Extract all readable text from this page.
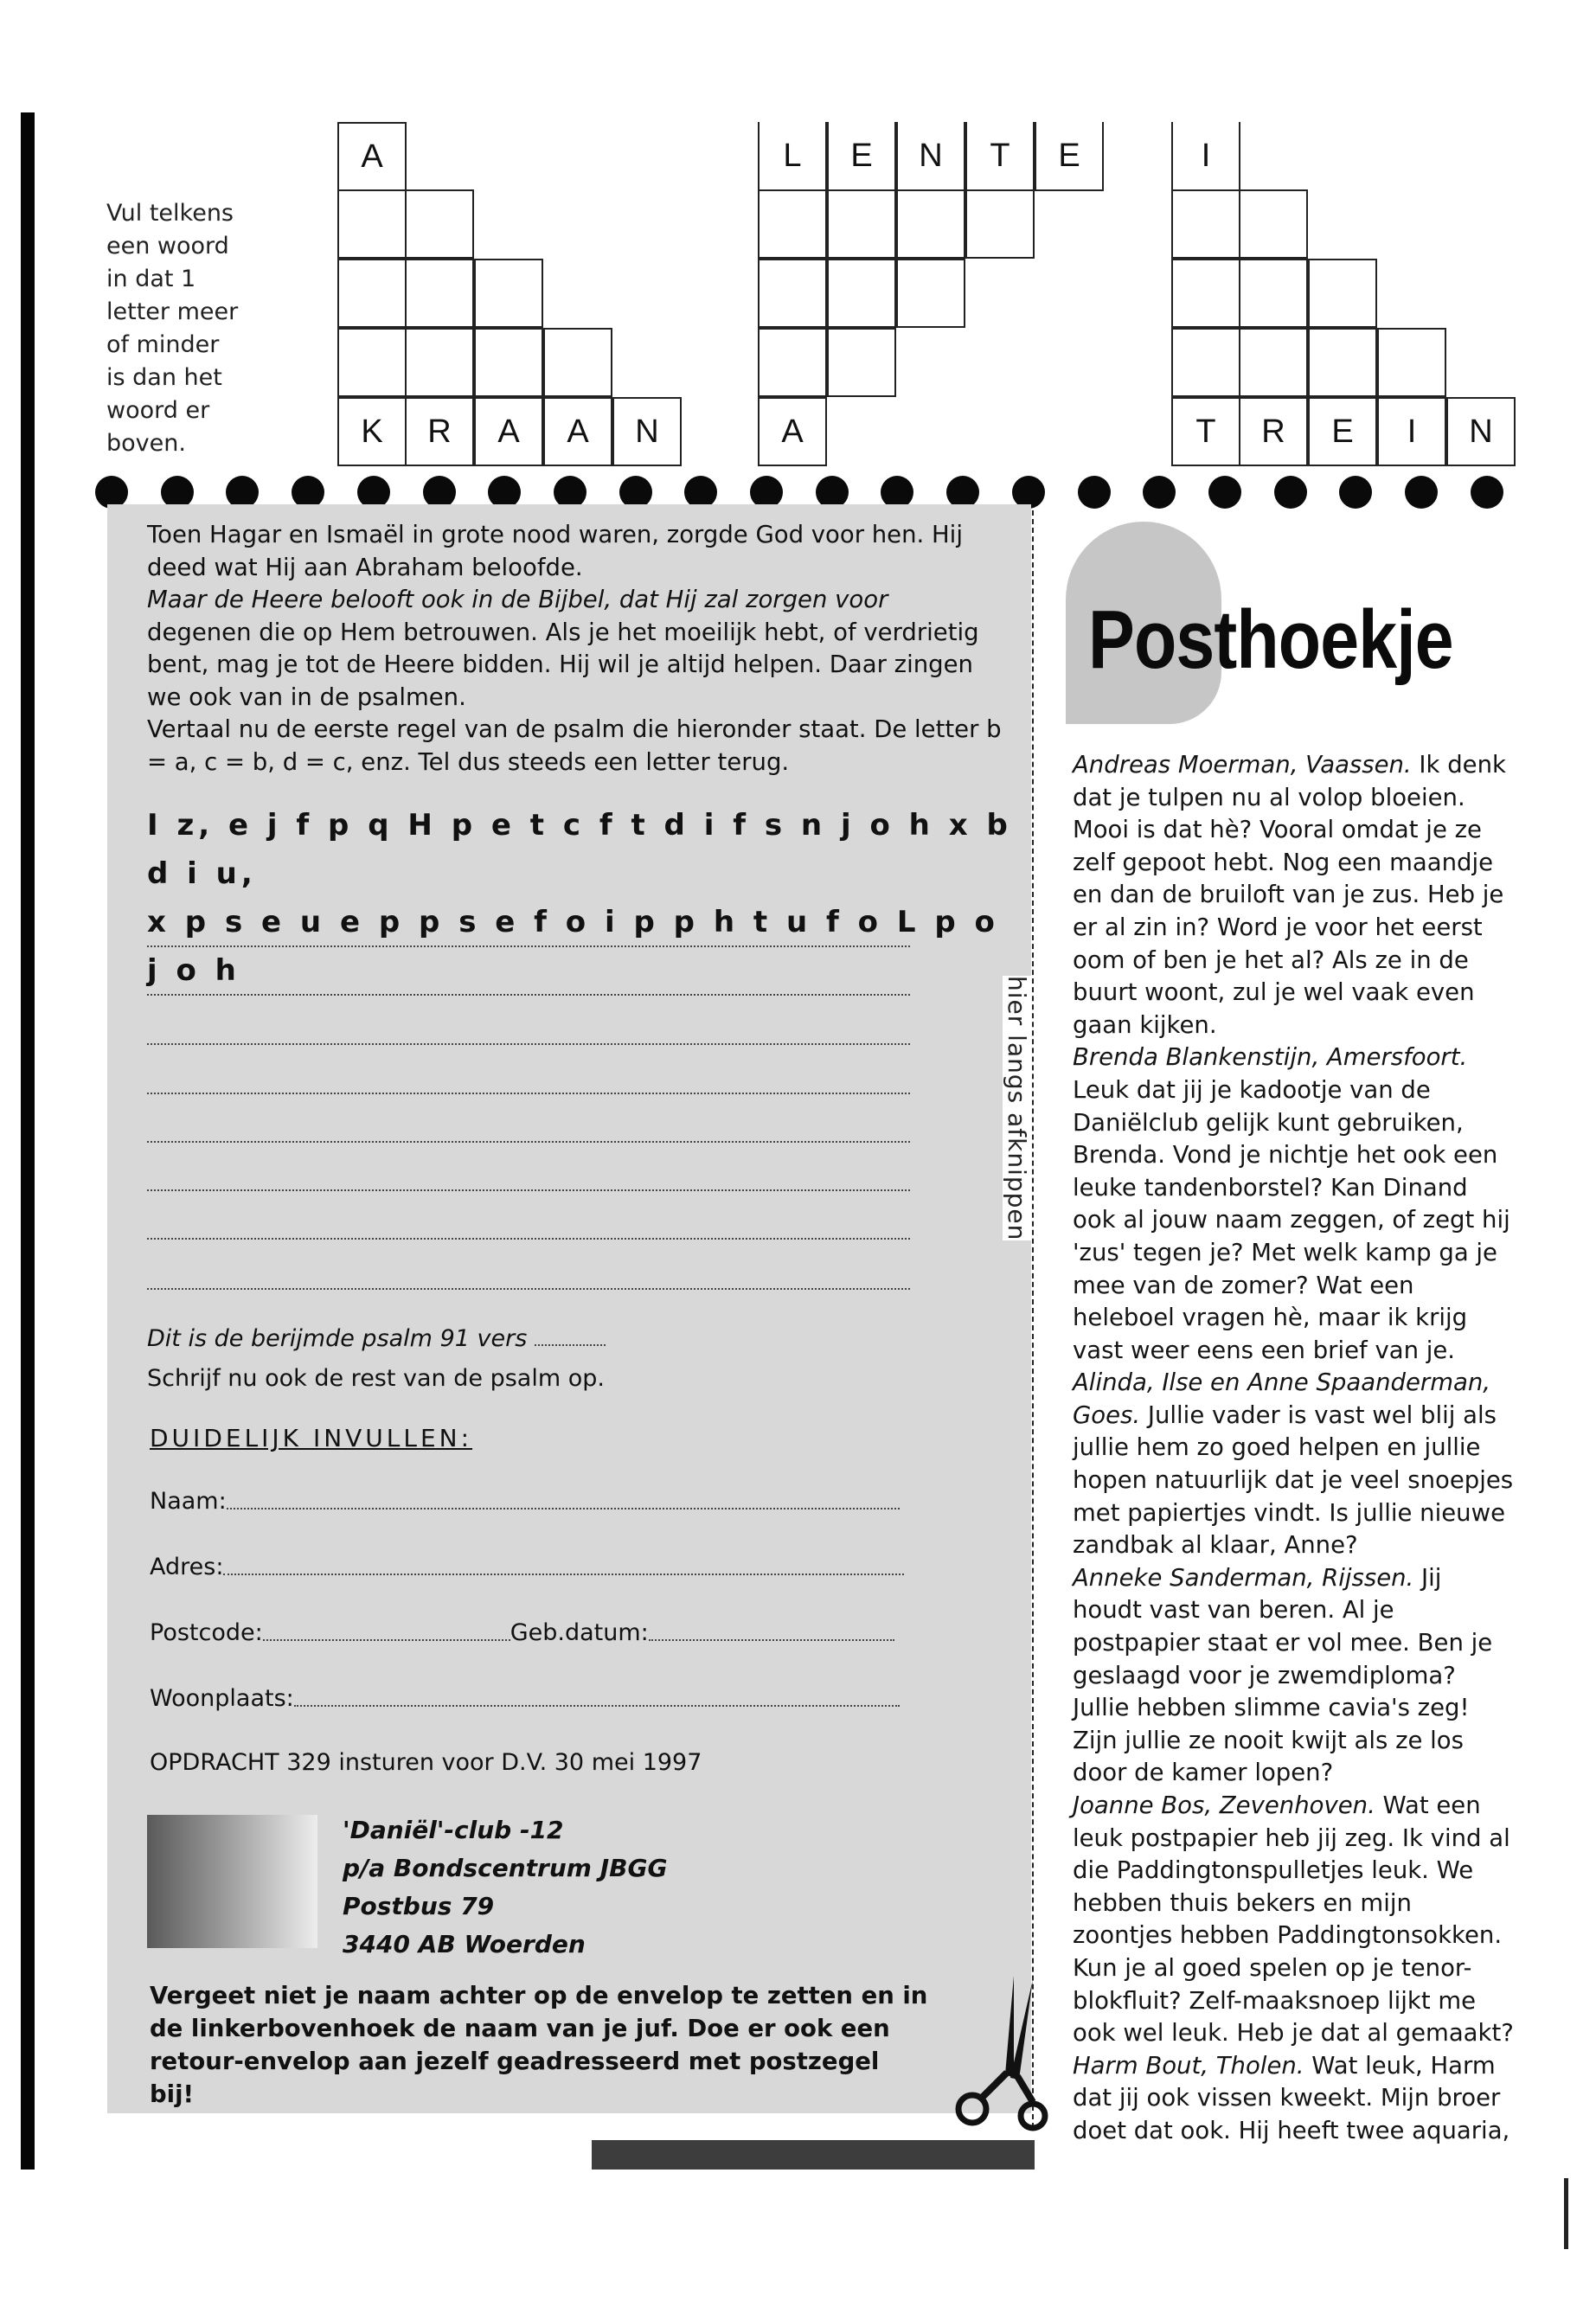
Vul telkens een woord in dat 1 letter meer of minder is dan het woord er boven.
A
K	R	A	A	N
L	E	N	T	E
A
I
T	R	E	I	N
Toen Hagar en Ismaël in grote nood waren, zorgde God voor hen. Hij deed wat Hij aan Abraham beloofde.
Maar de Heere belooft ook in de Bijbel, dat Hij zal zorgen voor
degenen die op Hem betrouwen. Als je het moeilijk hebt, of verdrietig bent, mag je tot de Heere bidden. Hij wil je altijd helpen. Daar zingen we ook van in de psalmen.
Vertaal nu de eerste regel van de psalm die hieronder staat. De letter b = a, c = b, d = c, enz. Tel dus steeds een letter terug.
I z, e j f p q H p e t c f t d i f s n j o h x b d i u,
x p s e u e p p s e f o i p p h t u f o L p o j o h
Dit is de berijmde psalm 91 vers
Schrijf nu ook de rest van de psalm op.
DUIDELIJK INVULLEN:
Naam:
Adres:
Postcode:	Geb.datum:
Woonplaats:
OPDRACHT 329 insturen voor D.V. 30 mei 1997
'Daniël'-club -12
p/a Bondscentrum JBGG
Postbus 79
3440 AB Woerden
Vergeet niet je naam achter op de envelop te zetten en in de linkerbovenhoek de naam van je juf. Doe er ook een retour-envelop aan jezelf geadresseerd met postzegel bij!
hier langs afknippen
Posthoekje
Andreas Moerman, Vaassen. Ik denk dat je tulpen nu al volop bloeien. Mooi is dat hè? Vooral omdat je ze zelf gepoot hebt. Nog een maandje en dan de bruiloft van je zus. Heb je er al zin in? Word je voor het eerst oom of ben je het al? Als ze in de buurt woont, zul je wel vaak even gaan kijken.
Brenda Blankenstijn, Amersfoort. Leuk dat jij je kadootje van de Daniëlclub gelijk kunt gebruiken, Brenda. Vond je nichtje het ook een leuke tandenborstel? Kan Dinand ook al jouw naam zeggen, of zegt hij 'zus' tegen je? Met welk kamp ga je mee van de zomer? Wat een heleboel vragen hè, maar ik krijg vast weer eens een brief van je.
Alinda, Ilse en Anne Spaanderman, Goes. Jullie vader is vast wel blij als jullie hem zo goed helpen en jullie hopen natuurlijk dat je veel snoepjes met papiertjes vindt. Is jullie nieuwe zandbak al klaar, Anne?
Anneke Sanderman, Rijssen. Jij houdt vast van beren. Al je postpapier staat er vol mee. Ben je geslaagd voor je zwemdiploma? Jullie hebben slimme cavia's zeg! Zijn jullie ze nooit kwijt als ze los door de kamer lopen?
Joanne Bos, Zevenhoven. Wat een leuk postpapier heb jij zeg. Ik vind al die Paddingtonspulletjes leuk. We hebben thuis bekers en mijn zoontjes hebben Paddingtonsokken. Kun je al goed spelen op je tenor-blokfluit? Zelf-maaksnoep lijkt me ook wel leuk. Heb je dat al gemaakt?
Harm Bout, Tholen. Wat leuk, Harm dat jij ook vissen kweekt. Mijn broer doet dat ook. Hij heeft twee aquaria,
